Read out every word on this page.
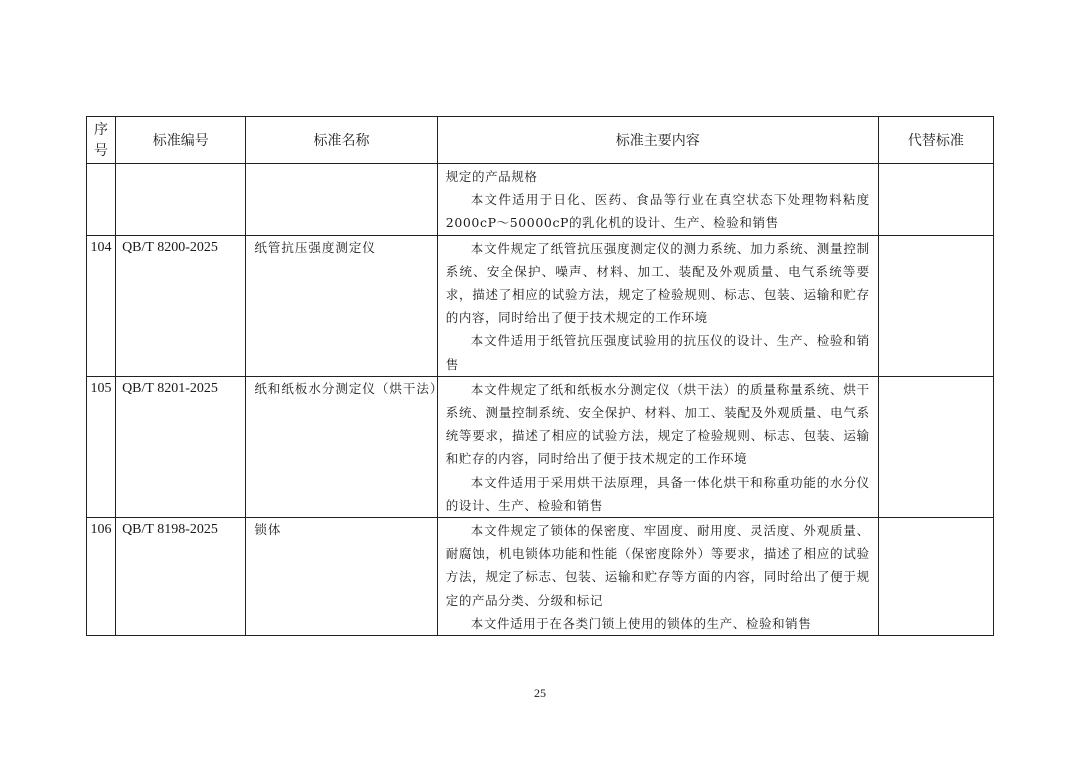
序
号	标准编号	标准名称	标准主要内容	代替标准

			规定的产品规格

本文件适用于日化、医药、食品等行业在真空状态下处理物料粘度2000cP～50000cP的乳化机的设计、生产、检验和销售	

104	QB/T 8200-2025	纸管抗压强度测定仪	本文件规定了纸管抗压强度测定仪的测力系统、加力系统、测量控制系统、安全保护、噪声、材料、加工、装配及外观质量、电气系统等要求，描述了相应的试验方法，规定了检验规则、标志、包装、运输和贮存的内容，同时给出了便于技术规定的工作环境

本文件适用于纸管抗压强度试验用的抗压仪的设计、生产、检验和销售	

105	QB/T 8201-2025	纸和纸板水分测定仪（烘干法）	本文件规定了纸和纸板水分测定仪（烘干法）的质量称量系统、烘干系统、测量控制系统、安全保护、材料、加工、装配及外观质量、电气系统等要求，描述了相应的试验方法，规定了检验规则、标志、包装、运输和贮存的内容，同时给出了便于技术规定的工作环境

本文件适用于采用烘干法原理，具备一体化烘干和称重功能的水分仪的设计、生产、检验和销售	

106	QB/T 8198-2025	锁体	本文件规定了锁体的保密度、牢固度、耐用度、灵活度、外观质量、耐腐蚀，机电锁体功能和性能（保密度除外）等要求，描述了相应的试验方法，规定了标志、包装、运输和贮存等方面的内容，同时给出了便于规定的产品分类、分级和标记

本文件适用于在各类门锁上使用的锁体的生产、检验和销售	

25
